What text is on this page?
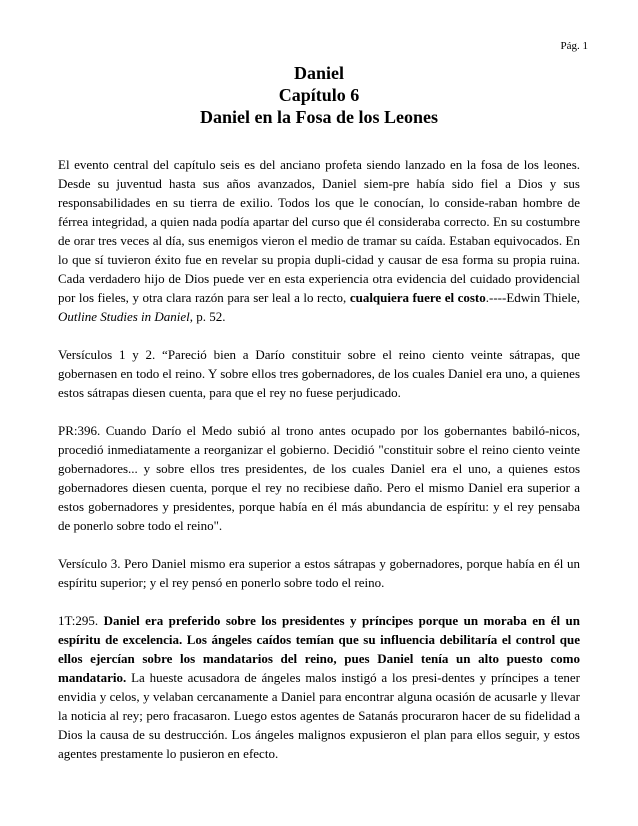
Pág. 1
Daniel
Capítulo 6
Daniel en la Fosa de los Leones

El evento central del capítulo seis es del anciano profeta siendo lanzado en la fosa de los leones. Desde su juventud hasta sus años avanzados, Daniel siem-pre había sido fiel a Dios y sus responsabilidades en su tierra de exilio. Todos los que le conocían, lo conside-raban hombre de férrea integridad, a quien nada podía apartar del curso que él consideraba correcto. En su costumbre de orar tres veces al día, sus enemigos vieron el medio de tramar su caída. Estaban equivocados. En lo que sí tuvieron éxito fue en revelar su propia dupli-cidad y causar de esa forma su propia ruina. Cada verdadero hijo de Dios puede ver en esta experiencia otra evidencia del cuidado providencial por los fieles, y otra clara razón para ser leal a lo recto, cualquiera fuere el costo.----Edwin Thiele, Outline Studies in Daniel, p. 52.

Versículos 1 y 2. “Pareció bien a Darío constituir sobre el reino ciento veinte sátrapas, que gobernasen en todo el reino. Y sobre ellos tres gobernadores, de los cuales Daniel era uno, a quienes estos sátrapas diesen cuenta, para que el rey no fuese perjudicado.

PR:396. Cuando Darío el Medo subió al trono antes ocupado por los gobernantes babiló-nicos, procedió inmediatamente a reorganizar el gobierno. Decidió "constituir sobre el reino ciento veinte gobernadores... y sobre ellos tres presidentes, de los cuales Daniel era el uno, a quienes estos gobernadores diesen cuenta, porque el rey no recibiese daño. Pero el mismo Daniel era superior a estos gobernadores y presidentes, porque había en él más abundancia de espíritu: y el rey pensaba de ponerlo sobre todo el reino".

Versículo 3. Pero Daniel mismo era superior a estos sátrapas y gobernadores, porque había en él un espíritu superior; y el rey pensó en ponerlo sobre todo el reino.

1T:295. Daniel era preferido sobre los presidentes y príncipes porque un moraba en él un espíritu de excelencia. Los ángeles caídos temían que su influencia debilitaría el control que ellos ejercían sobre los mandatarios del reino, pues Daniel tenía un alto puesto como mandatario. La hueste acusadora de ángeles malos instigó a los presi-dentes y príncipes a tener envidia y celos, y velaban cercanamente a Daniel para encontrar alguna ocasión de acusarle y llevar la noticia al rey; pero fracasaron. Luego estos agentes de Satanás procuraron hacer de su fidelidad a Dios la causa de su destrucción. Los ángeles malignos expusieron el plan para ellos seguir, y estos agentes prestamente lo pusieron en efecto.
